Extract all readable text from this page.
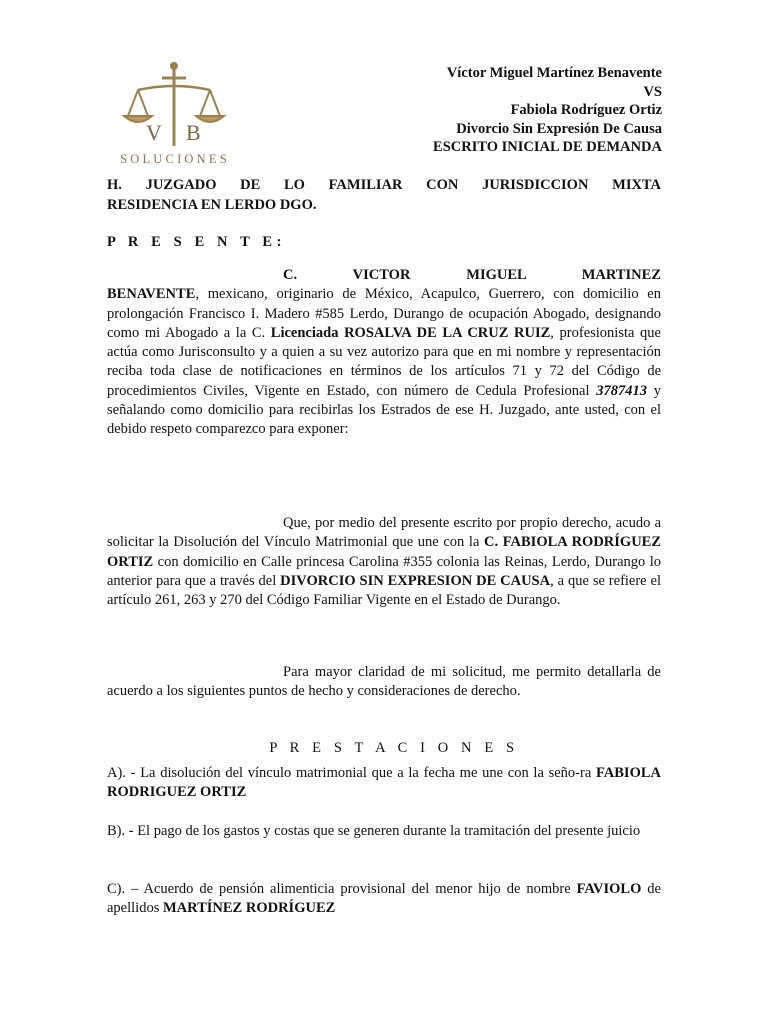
V B
SOLUCIONES
Víctor Miguel Martínez Benavente
VS
Fabiola Rodríguez Ortiz
Divorcio Sin Expresión De Causa
ESCRITO INICIAL DE DEMANDA
H. JUZGADO DE LO FAMILIAR CON JURISDICCION MIXTA
RESIDENCIA EN LERDO DGO.
P R E S E N T E:
C. VICTOR MIGUEL MARTINEZ
BENAVENTE, mexicano, originario de México, Acapulco, Guerrero, con domicilio en prolongación Francisco I. Madero #585 Lerdo, Durango de ocupación Abogado, designando como mi Abogado a la C. Licenciada ROSALVA DE LA CRUZ RUIZ, profesionista que actúa como Jurisconsulto y a quien a su vez autorizo para que en mi nombre y representación reciba toda clase de notificaciones en términos de los artículos 71 y 72 del Código de procedimientos Civiles, Vigente en Estado, con número de Cedula Profesional 3787413 y señalando como domicilio para recibirlas los Estrados de ese H. Juzgado, ante usted, con el debido respeto comparezco para exponer:
Que, por medio del presente escrito por propio derecho, acudo a solicitar la Disolución del Vínculo Matrimonial que une con la C. FABIOLA RODRÍGUEZ ORTIZ con domicilio en Calle princesa Carolina #355 colonia las Reinas, Lerdo, Durango lo anterior para que a través del DIVORCIO SIN EXPRESION DE CAUSA, a que se refiere el artículo 261, 263 y 270 del Código Familiar Vigente en el Estado de Durango.
Para mayor claridad de mi solicitud, me permito detallarla de acuerdo a los siguientes puntos de hecho y consideraciones de derecho.
P R E S T A C I O N E S
A). - La disolución del vínculo matrimonial que a la fecha me une con la seño-ra FABIOLA RODRIGUEZ ORTIZ
B). - El pago de los gastos y costas que se generen durante la tramitación del presente juicio
C). – Acuerdo de pensión alimenticia provisional del menor hijo de nombre FAVIOLO de apellidos MARTÍNEZ RODRÍGUEZ
